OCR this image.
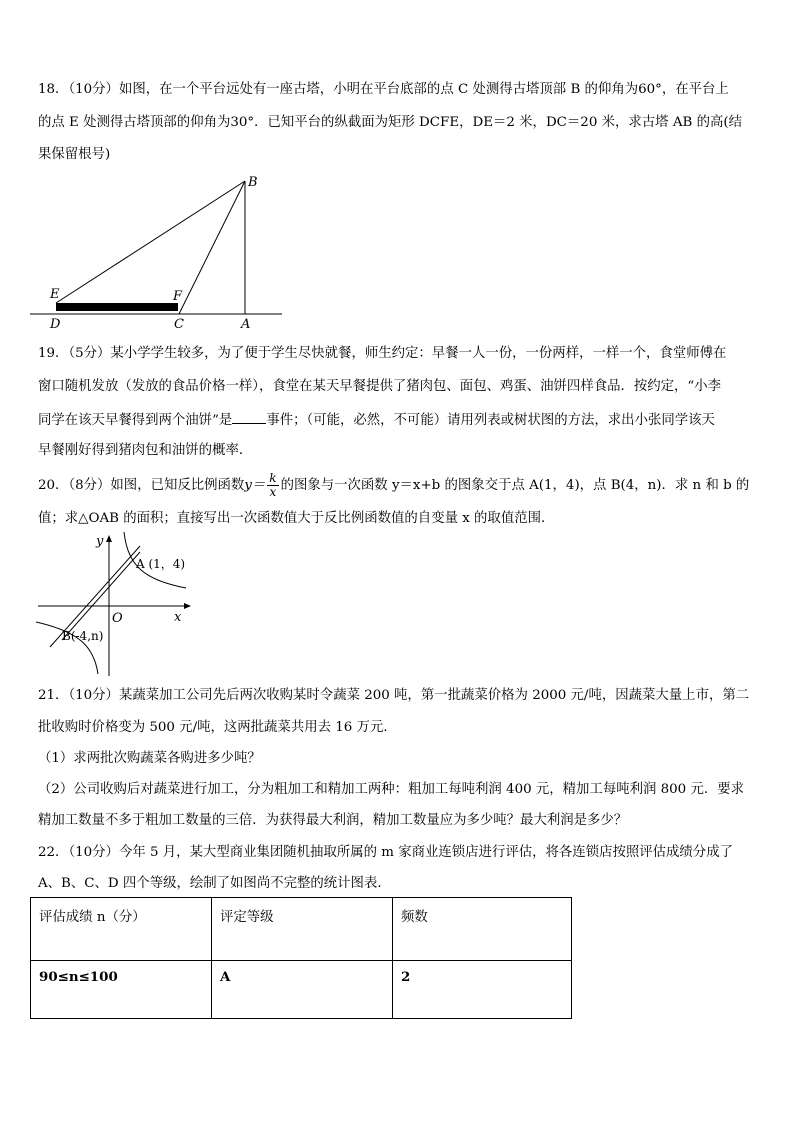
18．（10分）如图，在一个平台远处有一座古塔，小明在平台底部的点 C 处测得古塔顶部 B 的仰角为60°，在平台上
的点 E 处测得古塔顶部的仰角为30°．已知平台的纵截面为矩形 DCFE，DE＝2 米，DC＝20 米，求古塔 AB 的高(结
果保留根号)
B
E	F
D	C	A
19．（5分）某小学学生较多，为了便于学生尽快就餐，师生约定：早餐一人一份，一份两样，一样一个，食堂师傅在
窗口随机发放（发放的食品价格一样），食堂在某天早餐提供了猪肉包、面包、鸡蛋、油饼四样食品．按约定，“小李
同学在该天早餐得到两个油饼”是	事件；（可能，必然，不可能）请用列表或树状图的方法，求出小张同学该天
早餐刚好得到猪肉包和油饼的概率．
20．（8分）如图，已知反比例函数$y= \frac{k}{x}$ 的图象与一次函数 y＝x+b 的图象交于点 A(1，4)，点 B(4，n)．求 n 和 b 的
值；求△OAB 的面积；直接写出一次函数值大于反比例函数值的自变量 x 的取值范围．
y
x
O
A (1，4)
B(-4,n)
21．（10分）某蔬菜加工公司先后两次收购某时令蔬菜 200 吨，第一批蔬菜价格为 2000 元/吨，因蔬菜大量上市，第二
批收购时价格变为 500 元/吨，这两批蔬菜共用去 16 万元．
（1）求两批次购蔬菜各购进多少吨？
（2）公司收购后对蔬菜进行加工，分为粗加工和精加工两种：粗加工每吨利润 400 元，精加工每吨利润 800 元．要求
精加工数量不多于粗加工数量的三倍．为获得最大利润，精加工数量应为多少吨？最大利润是多少？
22．（10分）今年 5 月，某大型商业集团随机抽取所属的 m 家商业连锁店进行评估，将各连锁店按照评估成绩分成了
A、B、C、D 四个等级，绘制了如图尚不完整的统计图表．
评估成绩 n（分）	评定等级	频数
90≤n≤100	A	2
